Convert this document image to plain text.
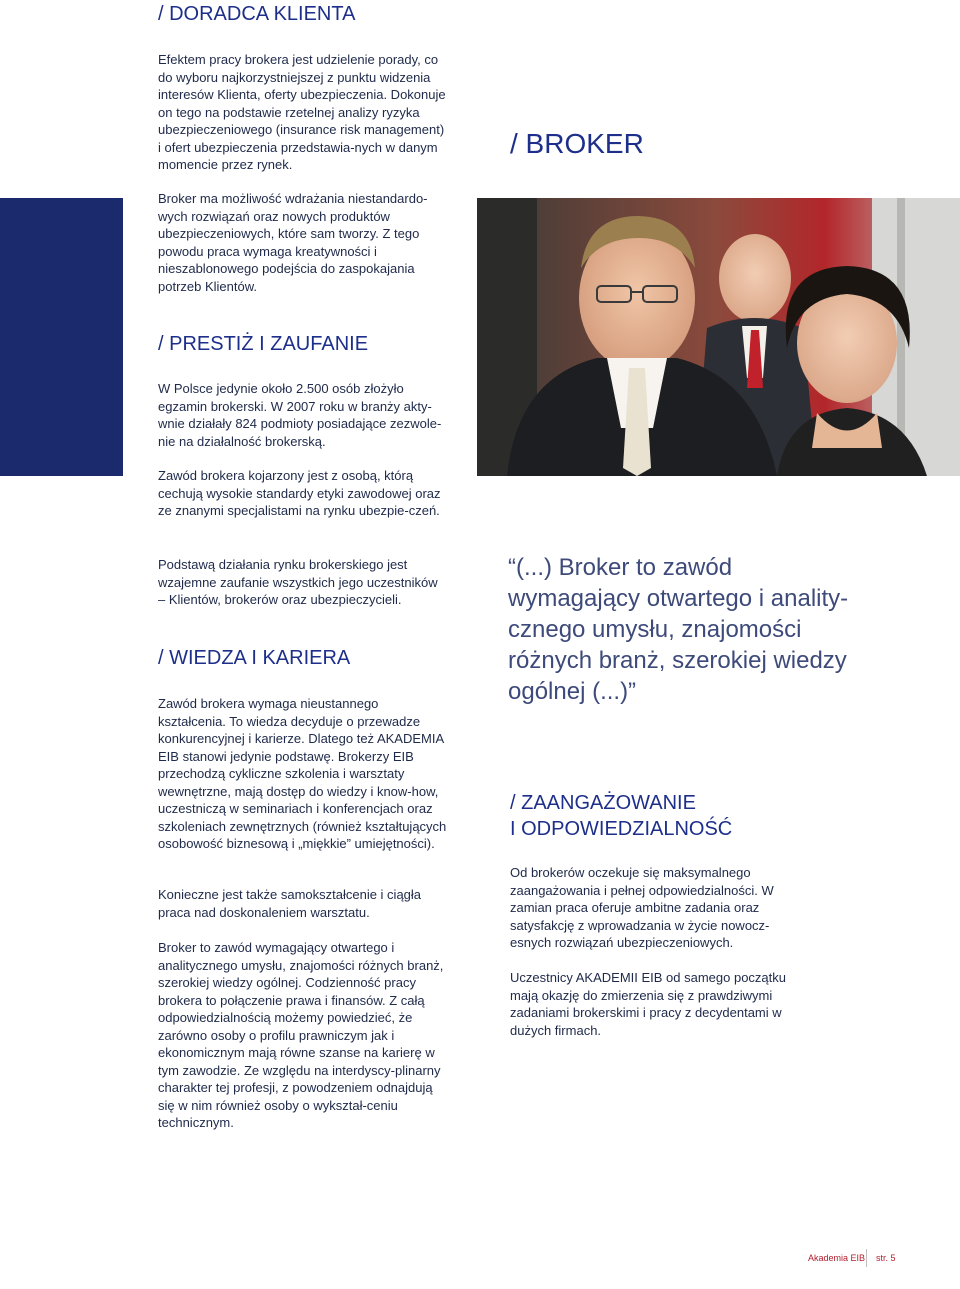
/ DORADCA KLIENTA

Efektem pracy brokera jest udzielenie porady, co do wyboru najkorzystniejszej z punktu widzenia interesów Klienta, oferty ubezpieczenia. Dokonuje on tego na podstawie rzetelnej analizy ryzyka ubezpieczeniowego (insurance risk management) i ofert ubezpieczenia przedstawia-nych w danym momencie przez rynek.

Broker ma możliwość wdrażania niestandardo-wych rozwiązań oraz nowych produktów ubezpieczeniowych, które sam tworzy. Z tego powodu praca wymaga kreatywności i nieszablonowego podejścia do zaspokajania potrzeb Klientów.

/ BROKER
/ PRESTIŻ I ZAUFANIE

W Polsce jedynie około 2.500 osób złożyło egzamin brokerski. W 2007 roku w branży akty-wnie działały 824 podmioty posiadające zezwole-nie na działalność brokerską.

Zawód brokera kojarzony jest z osobą, którą cechują wysokie standardy etyki zawodowej oraz ze znanymi specjalistami na rynku ubezpie-czeń.

Podstawą działania rynku brokerskiego jest wzajemne zaufanie wszystkich jego uczestników – Klientów, brokerów oraz ubezpieczycieli.

/ WIEDZA I KARIERA

Zawód brokera wymaga nieustannego kształcenia. To wiedza decyduje o przewadze konkurencyjnej i karierze. Dlatego też AKADEMIA EIB stanowi jedynie podstawę. Brokerzy EIB przechodzą cykliczne szkolenia i warsztaty wewnętrzne, mają dostęp do wiedzy i know-how, uczestniczą w seminariach i konferencjach oraz szkoleniach zewnętrznych (również kształtujących osobowość biznesową i „miękkie” umiejętności).

Konieczne jest także samokształcenie i ciągła praca nad doskonaleniem warsztatu.

Broker to zawód wymagający otwartego i analitycznego umysłu, znajomości różnych branż, szerokiej wiedzy ogólnej. Codzienność pracy brokera to połączenie prawa i finansów. Z całą odpowiedzialnością możemy powiedzieć, że zarówno osoby o profilu prawniczym jak i ekonomicznym mają równe szanse na karierę w tym zawodzie. Ze względu na interdyscy-plinarny charakter tej profesji, z powodzeniem odnajdują się w nim również osoby o wykształ-ceniu technicznym.

“(...) Broker to zawód wymagający otwartego i anality-cznego umysłu, znajomości różnych branż, szerokiej wiedzy ogólnej (...)”
/ ZAANGAŻOWANIE
I ODPOWIEDZIALNOŚĆ

Od brokerów oczekuje się maksymalnego zaangażowania i pełnej odpowiedzialności. W zamian praca oferuje ambitne zadania oraz satysfakcję z wprowadzania w życie nowocz-esnych rozwiązań ubezpieczeniowych.

Uczestnicy AKADEMII EIB od samego początku mają okazję do zmierzenia się z prawdziwymi zadaniami brokerskimi i pracy z decydentami w dużych firmach.

Akademia EIB str. 5
